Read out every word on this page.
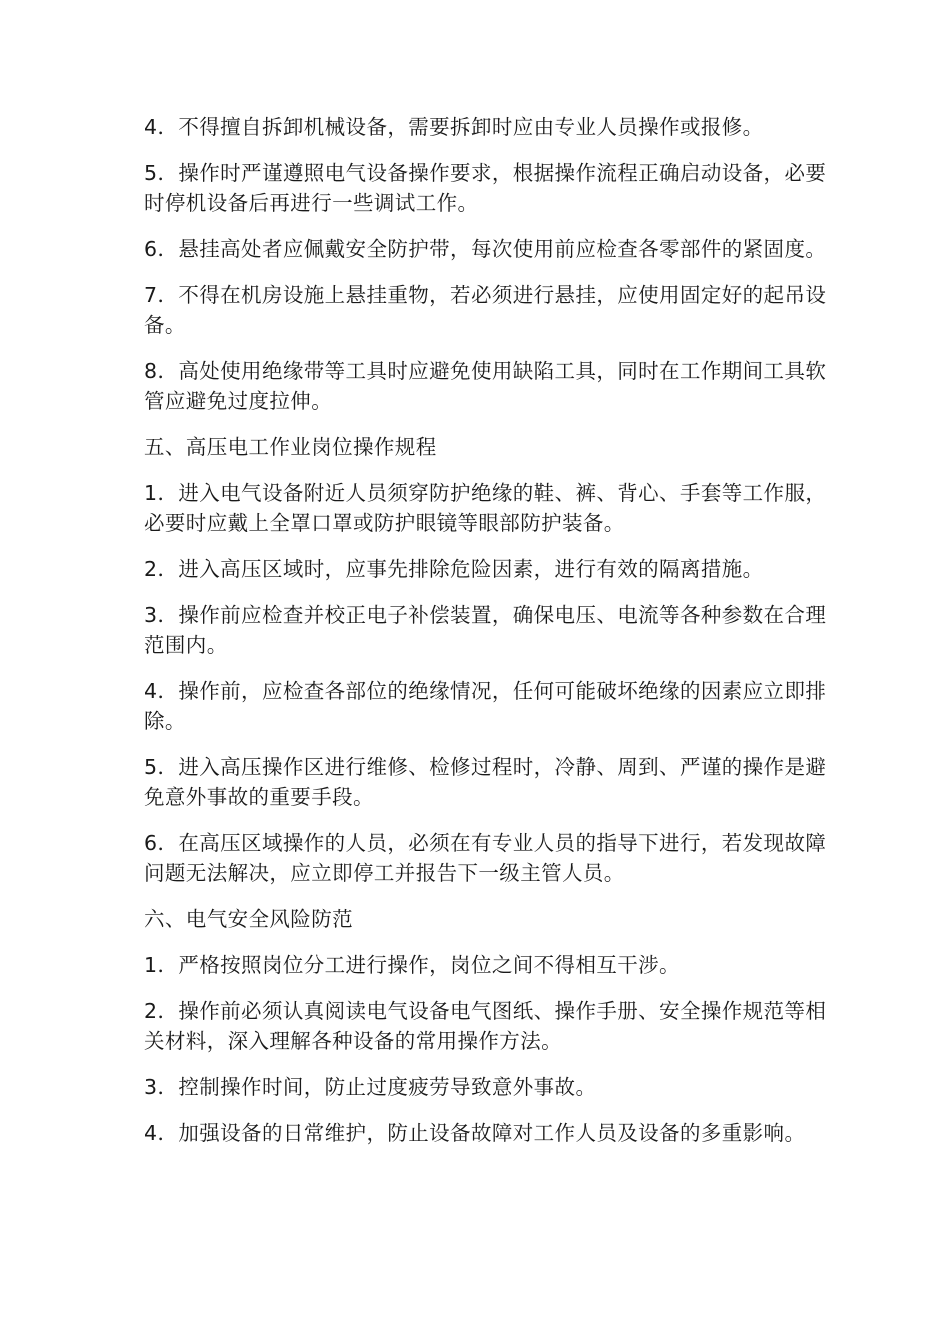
4．不得擅自拆卸机械设备，需要拆卸时应由专业人员操作或报修。

5．操作时严谨遵照电气设备操作要求，根据操作流程正确启动设备，必要时停机设备后再进行一些调试工作。

6．悬挂高处者应佩戴安全防护带，每次使用前应检查各零部件的紧固度。

7．不得在机房设施上悬挂重物，若必须进行悬挂，应使用固定好的起吊设备。

8．高处使用绝缘带等工具时应避免使用缺陷工具，同时在工作期间工具软管应避免过度拉伸。

五、高压电工作业岗位操作规程

1．进入电气设备附近人员须穿防护绝缘的鞋、裤、背心、手套等工作服，必要时应戴上全罩口罩或防护眼镜等眼部防护装备。

2．进入高压区域时，应事先排除危险因素，进行有效的隔离措施。

3．操作前应检查并校正电子补偿装置，确保电压、电流等各种参数在合理范围内。

4．操作前，应检查各部位的绝缘情况，任何可能破坏绝缘的因素应立即排除。

5．进入高压操作区进行维修、检修过程时，冷静、周到、严谨的操作是避免意外事故的重要手段。

6．在高压区域操作的人员，必须在有专业人员的指导下进行，若发现故障问题无法解决，应立即停工并报告下一级主管人员。

六、电气安全风险防范

1．严格按照岗位分工进行操作，岗位之间不得相互干涉。

2．操作前必须认真阅读电气设备电气图纸、操作手册、安全操作规范等相关材料，深入理解各种设备的常用操作方法。

3．控制操作时间，防止过度疲劳导致意外事故。

4．加强设备的日常维护，防止设备故障对工作人员及设备的多重影响。
